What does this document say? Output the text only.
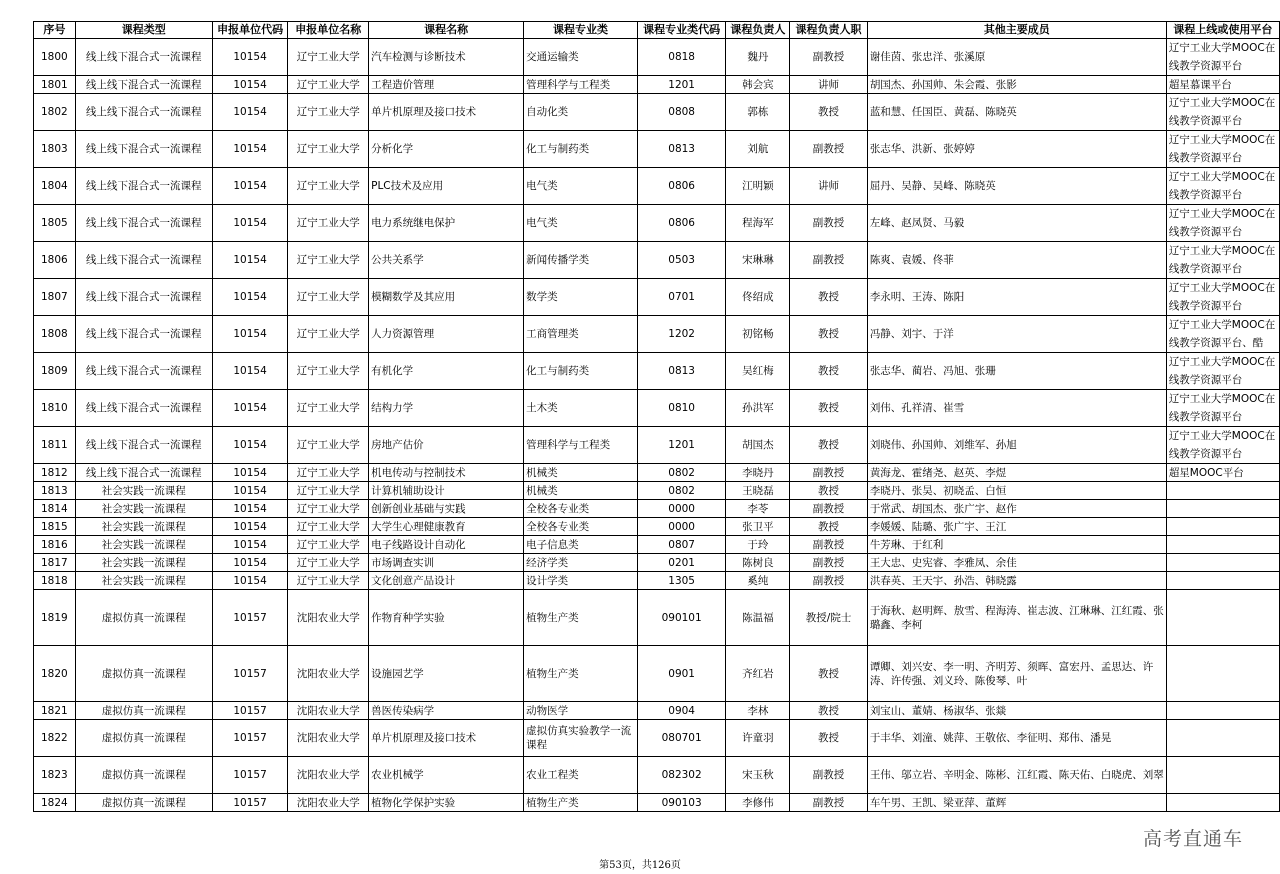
序号	课程类型	申报单位代码	申报单位名称	课程名称	课程专业类	课程专业类代码	课程负责人	课程负责人职	其他主要成员	课程上线或使用平台
1800	线上线下混合式一流课程	10154	辽宁工业大学	汽车检测与诊断技术	交通运输类	0818	魏丹	副教授	谢佳茵、张忠洋、张溪原	辽宁工业大学MOOC在线教学资源平台
1801	线上线下混合式一流课程	10154	辽宁工业大学	工程造价管理	管理科学与工程类	1201	韩会宾	讲师	胡国杰、孙国帅、朱会霞、张影	超星慕课平台
1802	线上线下混合式一流课程	10154	辽宁工业大学	单片机原理及接口技术	自动化类	0808	郭栋	教授	蓝和慧、任国臣、黄磊、陈晓英	辽宁工业大学MOOC在线教学资源平台
1803	线上线下混合式一流课程	10154	辽宁工业大学	分析化学	化工与制药类	0813	刘航	副教授	张志华、洪新、张婷婷	辽宁工业大学MOOC在线教学资源平台
1804	线上线下混合式一流课程	10154	辽宁工业大学	PLC技术及应用	电气类	0806	江明颖	讲师	屈丹、吴静、吴峰、陈晓英	辽宁工业大学MOOC在线教学资源平台
1805	线上线下混合式一流课程	10154	辽宁工业大学	电力系统继电保护	电气类	0806	程海军	副教授	左峰、赵凤贤、马毅	辽宁工业大学MOOC在线教学资源平台
1806	线上线下混合式一流课程	10154	辽宁工业大学	公共关系学	新闻传播学类	0503	宋琳琳	副教授	陈爽、袁媛、佟菲	辽宁工业大学MOOC在线教学资源平台
1807	线上线下混合式一流课程	10154	辽宁工业大学	模糊数学及其应用	数学类	0701	佟绍成	教授	李永明、王涛、陈阳	辽宁工业大学MOOC在线教学资源平台
1808	线上线下混合式一流课程	10154	辽宁工业大学	人力资源管理	工商管理类	1202	初铭畅	教授	冯静、刘宇、于洋	辽宁工业大学MOOC在线教学资源平台、酷
1809	线上线下混合式一流课程	10154	辽宁工业大学	有机化学	化工与制药类	0813	吴红梅	教授	张志华、蔺岩、冯旭、张珊	辽宁工业大学MOOC在线教学资源平台
1810	线上线下混合式一流课程	10154	辽宁工业大学	结构力学	土木类	0810	孙洪军	教授	刘伟、孔祥清、崔雪	辽宁工业大学MOOC在线教学资源平台
1811	线上线下混合式一流课程	10154	辽宁工业大学	房地产估价	管理科学与工程类	1201	胡国杰	教授	刘晓伟、孙国帅、刘维军、孙旭	辽宁工业大学MOOC在线教学资源平台
1812	线上线下混合式一流课程	10154	辽宁工业大学	机电传动与控制技术	机械类	0802	李晓丹	副教授	黄海龙、霍绪尧、赵英、李煜	超星MOOC平台
1813	社会实践一流课程	10154	辽宁工业大学	计算机辅助设计	机械类	0802	王晓磊	教授	李晓丹、张昊、初晓孟、白恒	
1814	社会实践一流课程	10154	辽宁工业大学	创新创业基础与实践	全校各专业类	0000	李苓	副教授	于常武、胡国杰、张广宇、赵作	
1815	社会实践一流课程	10154	辽宁工业大学	大学生心理健康教育	全校各专业类	0000	张卫平	教授	李媛媛、陆璐、张广宇、王江	
1816	社会实践一流课程	10154	辽宁工业大学	电子线路设计自动化	电子信息类	0807	于玲	副教授	牛芳琳、于红利	
1817	社会实践一流课程	10154	辽宁工业大学	市场调查实训	经济学类	0201	陈树良	副教授	王大忠、史宪睿、李雅凤、余佳	
1818	社会实践一流课程	10154	辽宁工业大学	文化创意产品设计	设计学类	1305	奚纯	副教授	洪春英、王天宇、孙浩、韩晓露	
1819	虚拟仿真一流课程	10157	沈阳农业大学	作物育种学实验	植物生产类	090101	陈温福	教授/院士	于海秋、赵明辉、敖雪、程海涛、崔志波、江琳琳、江红霞、张璐鑫、李柯	
1820	虚拟仿真一流课程	10157	沈阳农业大学	设施园艺学	植物生产类	0901	齐红岩	教授	谭卿、刘兴安、李一明、齐明芳、须晖、富宏丹、孟思达、许涛、许传强、刘义玲、陈俊琴、叶	
1821	虚拟仿真一流课程	10157	沈阳农业大学	兽医传染病学	动物医学	0904	李林	教授	刘宝山、董婧、杨淑华、张燚	
1822	虚拟仿真一流课程	10157	沈阳农业大学	单片机原理及接口技术	虚拟仿真实验教学一流课程	080701	许童羽	教授	于丰华、刘潼、姚萍、王敬依、李征明、郑伟、潘晃	
1823	虚拟仿真一流课程	10157	沈阳农业大学	农业机械学	农业工程类	082302	宋玉秋	副教授	王伟、邬立岩、辛明金、陈彬、江红霞、陈天佑、白晓虎、刘翠	
1824	虚拟仿真一流课程	10157	沈阳农业大学	植物化学保护实验	植物生产类	090103	李修伟	副教授	车午男、王凯、梁亚萍、董辉	
高考直通车
第53页，共126页
